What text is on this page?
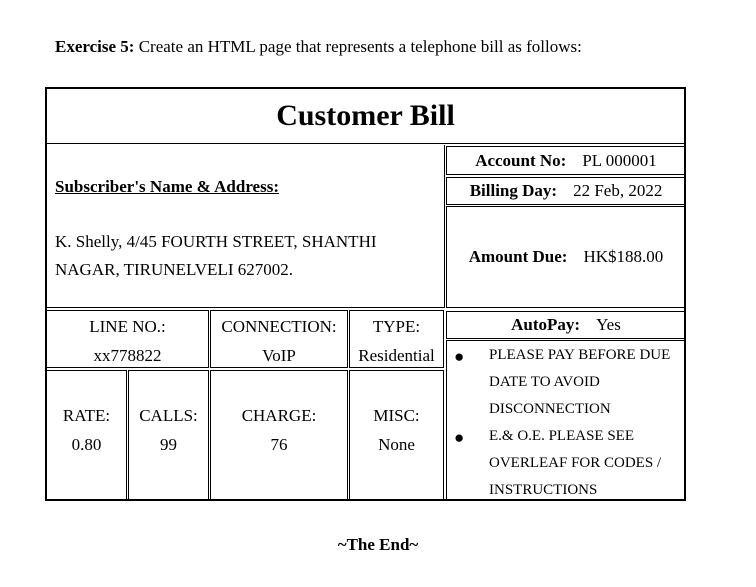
Exercise 5: Create an HTML page that represents a telephone bill as follows:
Customer Bill
Subscriber's Name & Address:
K. Shelly, 4/45 FOURTH STREET, SHANTHI
NAGAR, TIRUNELVELI 627002.
Account No: PL 000001
Billing Day: 22 Feb, 2022
Amount Due: HK$188.00
LINE NO.:
xx778822
CONNECTION:
VoIP
TYPE:
Residential
RATE:
0.80
CALLS:
99
CHARGE:
76
MISC:
None
AutoPay: Yes
● PLEASE PAY BEFORE DUE
DATE TO AVOID
DISCONNECTION
● E.& O.E. PLEASE SEE
OVERLEAF FOR CODES /
INSTRUCTIONS
~The End~
